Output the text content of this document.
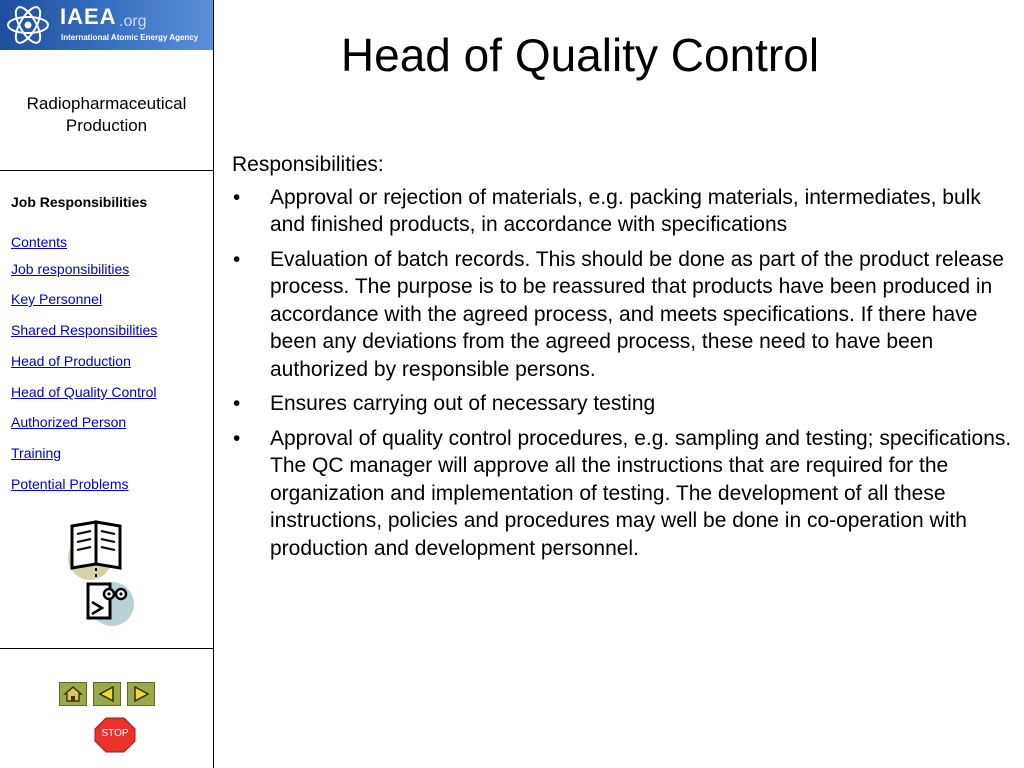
IAEA .org
International Atomic Energy Agency
Radiopharmaceutical
Production
Job Responsibilities
Contents
Job responsibilities
Key Personnel
Shared Responsibilities
Head of Production
Head of Quality Control
Authorized Person
Training
Potential Problems
STOP
Head of Quality Control

Responsibilities:

• Approval or rejection of materials, e.g. packing materials, intermediates, bulk and finished products, in accordance with specifications
• Evaluation of batch records. This should be done as part of the product release process. The purpose is to be reassured that products have been produced in accordance with the agreed process, and meets specifications. If there have been any deviations from the agreed process, these need to have been authorized by responsible persons.
• Ensures carrying out of necessary testing
• Approval of quality control procedures, e.g. sampling and testing; specifications. The QC manager will approve all the instructions that are required for the organization and implementation of testing. The development of all these instructions, policies and procedures may well be done in co-operation with production and development personnel.
